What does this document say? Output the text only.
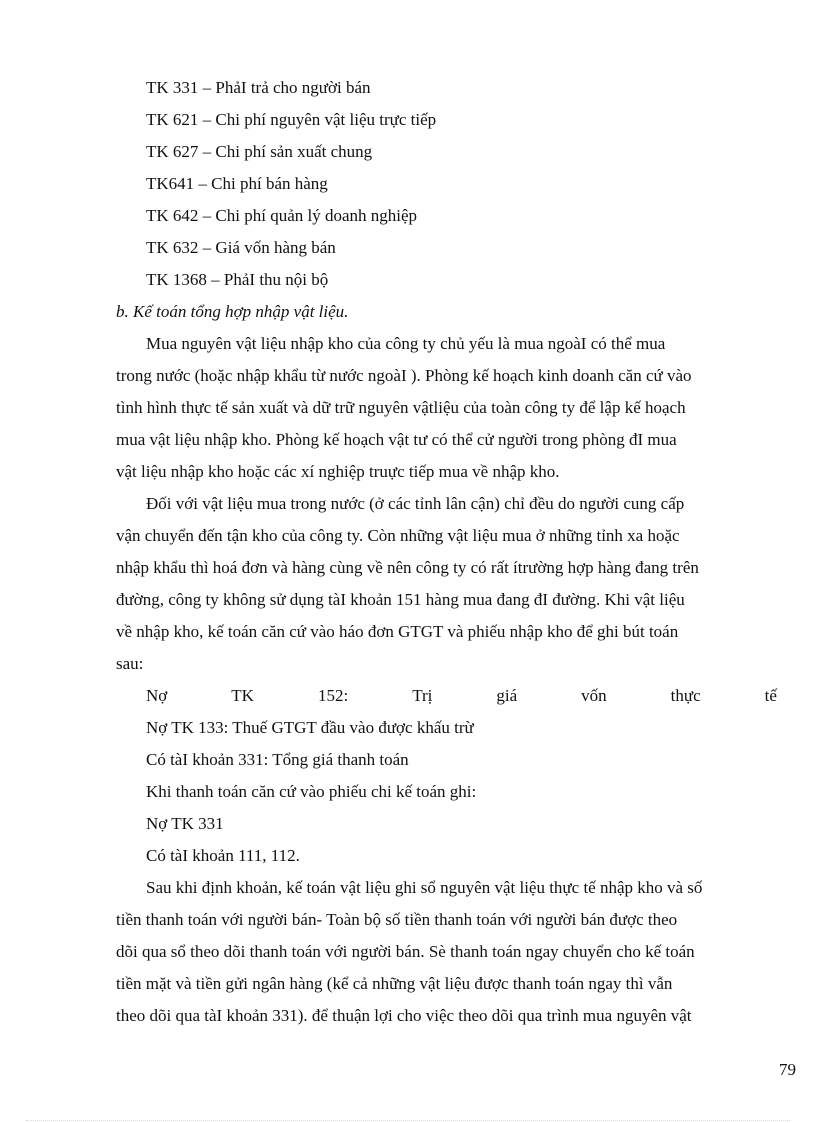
TK 331 – PhảI trả cho người bán
TK 621 – Chi phí nguyên vật liệu trực tiếp
TK 627 – Chi phí sản xuất chung
TK641 – Chi phí bán hàng
TK 642 – Chi phí quản lý doanh nghiệp
TK 632 – Giá vốn hàng bán
TK 1368 – PhảI thu nội bộ
b. Kế toán tổng hợp nhập vật liệu.
Mua nguyên vật liệu nhập kho của công ty chủ yếu là mua ngoàI có thể mua
trong nước (hoặc nhập khẩu từ nước ngoàI ). Phòng kế hoạch kinh doanh căn cứ vào
tình hình thực tế sản xuất và dữ trữ nguyên vậtliệu của toàn công ty để lập kế hoạch
mua vật liệu nhập kho. Phòng kế hoạch vật tư có thể cử người trong phòng đI mua
vật liệu nhập kho hoặc các xí nghiệp truực tiếp mua về nhập kho.
Đối với vật liệu mua trong nước (ở các tỉnh lân cận) chỉ đều do người cung cấp
vận chuyển đến tận kho của công ty. Còn những vật liệu mua ở những tỉnh xa hoặc
nhập khẩu thì hoá đơn và hàng cùng về nên công ty có rất ítrường hợp hàng đang trên
đường, công ty không sử dụng tàI khoản 151 hàng mua đang đI đường. Khi vật liệu
về nhập kho, kế toán căn cứ vào háo đơn GTGT và phiếu nhập kho để ghi bút toán
sau:
Nợ	TK	152:	Trị	giá	vốn	thực	tế
Nợ TK 133: Thuế GTGT đầu vào được khấu trừ
Có tàI khoản 331: Tổng giá thanh toán
Khi thanh toán căn cứ vào phiếu chi kế toán ghi:
Nợ TK 331
Có tàI khoản 111, 112.
Sau khi định khoản, kế toán vật liệu ghi sổ nguyên vật liệu thực tế nhập kho và số
tiền thanh toán với người bán- Toàn bộ số tiền thanh toán với người bán được theo
dõi qua sổ theo dõi thanh toán với người bán. Sè thanh toán ngay chuyển cho kế toán
tiền mặt và tiền gửi ngân hàng (kể cả những vật liệu được thanh toán ngay thì vẫn
theo dõi qua tàI khoản 331). để thuận lợi cho việc theo dõi qua trình mua nguyên vật
79
